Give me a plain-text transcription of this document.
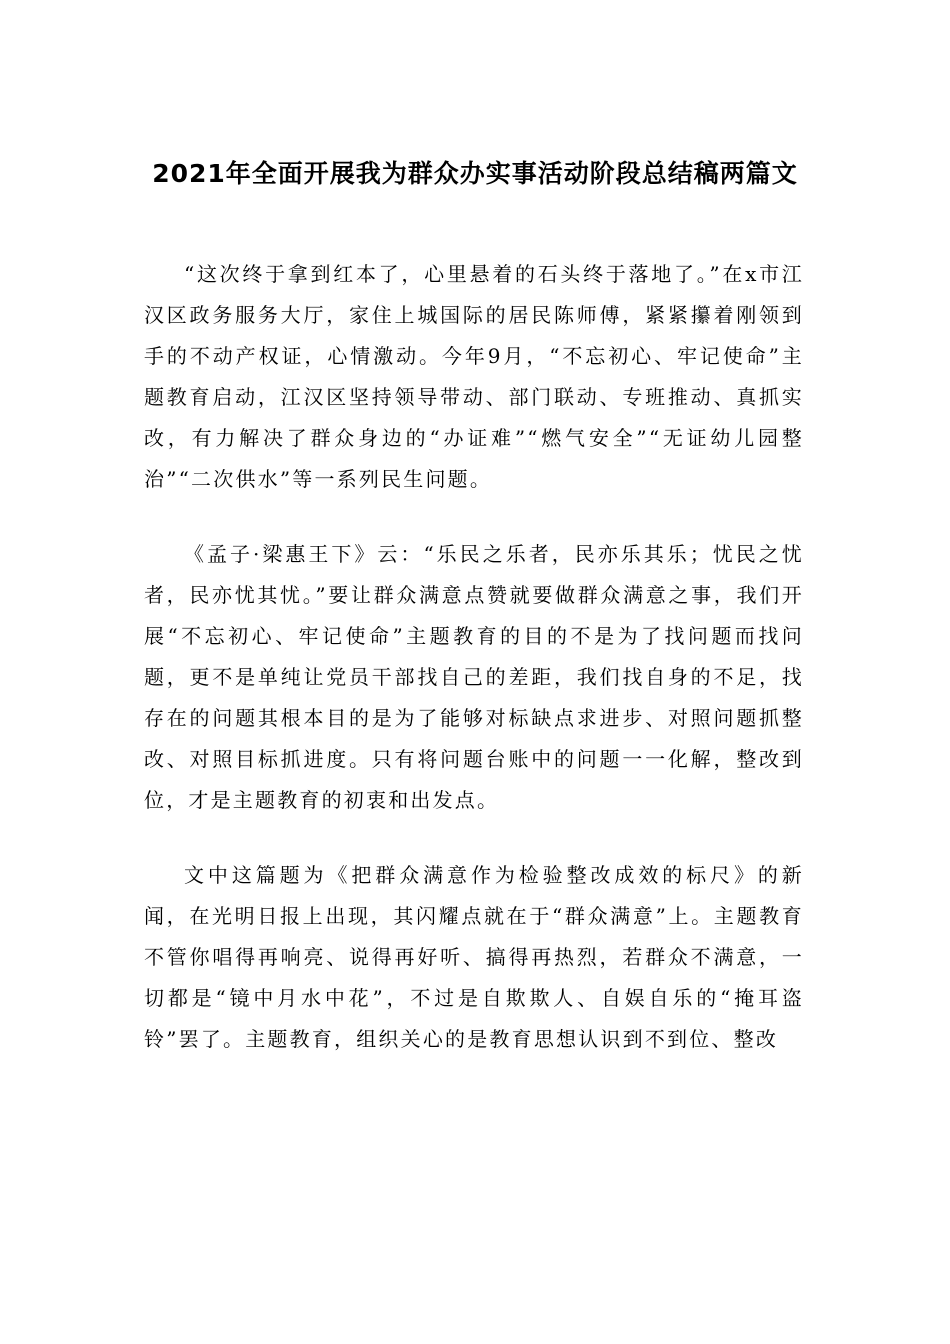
2021年全面开展我为群众办实事活动阶段总结稿两篇文

“这次终于拿到红本了，心里悬着的石头终于落地了。”在x市江汉区政务服务大厅，家住上城国际的居民陈师傅，紧紧攥着刚领到手的不动产权证，心情激动。今年9月，“不忘初心、牢记使命”主题教育启动，江汉区坚持领导带动、部门联动、专班推动、真抓实改，有力解决了群众身边的“办证难”“燃气安全”“无证幼儿园整治”“二次供水”等一系列民生问题。

《孟子·梁惠王下》云：“乐民之乐者，民亦乐其乐；忧民之忧者，民亦忧其忧。”要让群众满意点赞就要做群众满意之事，我们开展“不忘初心、牢记使命”主题教育的目的不是为了找问题而找问题，更不是单纯让党员干部找自己的差距，我们找自身的不足，找存在的问题其根本目的是为了能够对标缺点求进步、对照问题抓整改、对照目标抓进度。只有将问题台账中的问题一一化解，整改到位，才是主题教育的初衷和出发点。

文中这篇题为《把群众满意作为检验整改成效的标尺》的新闻，在光明日报上出现，其闪耀点就在于“群众满意”上。主题教育不管你唱得再响亮、说得再好听、搞得再热烈，若群众不满意，一切都是“镜中月水中花”，不过是自欺欺人、自娱自乐的“掩耳盗铃”罢了。主题教育，组织关心的是教育思想认识到不到位、整改
